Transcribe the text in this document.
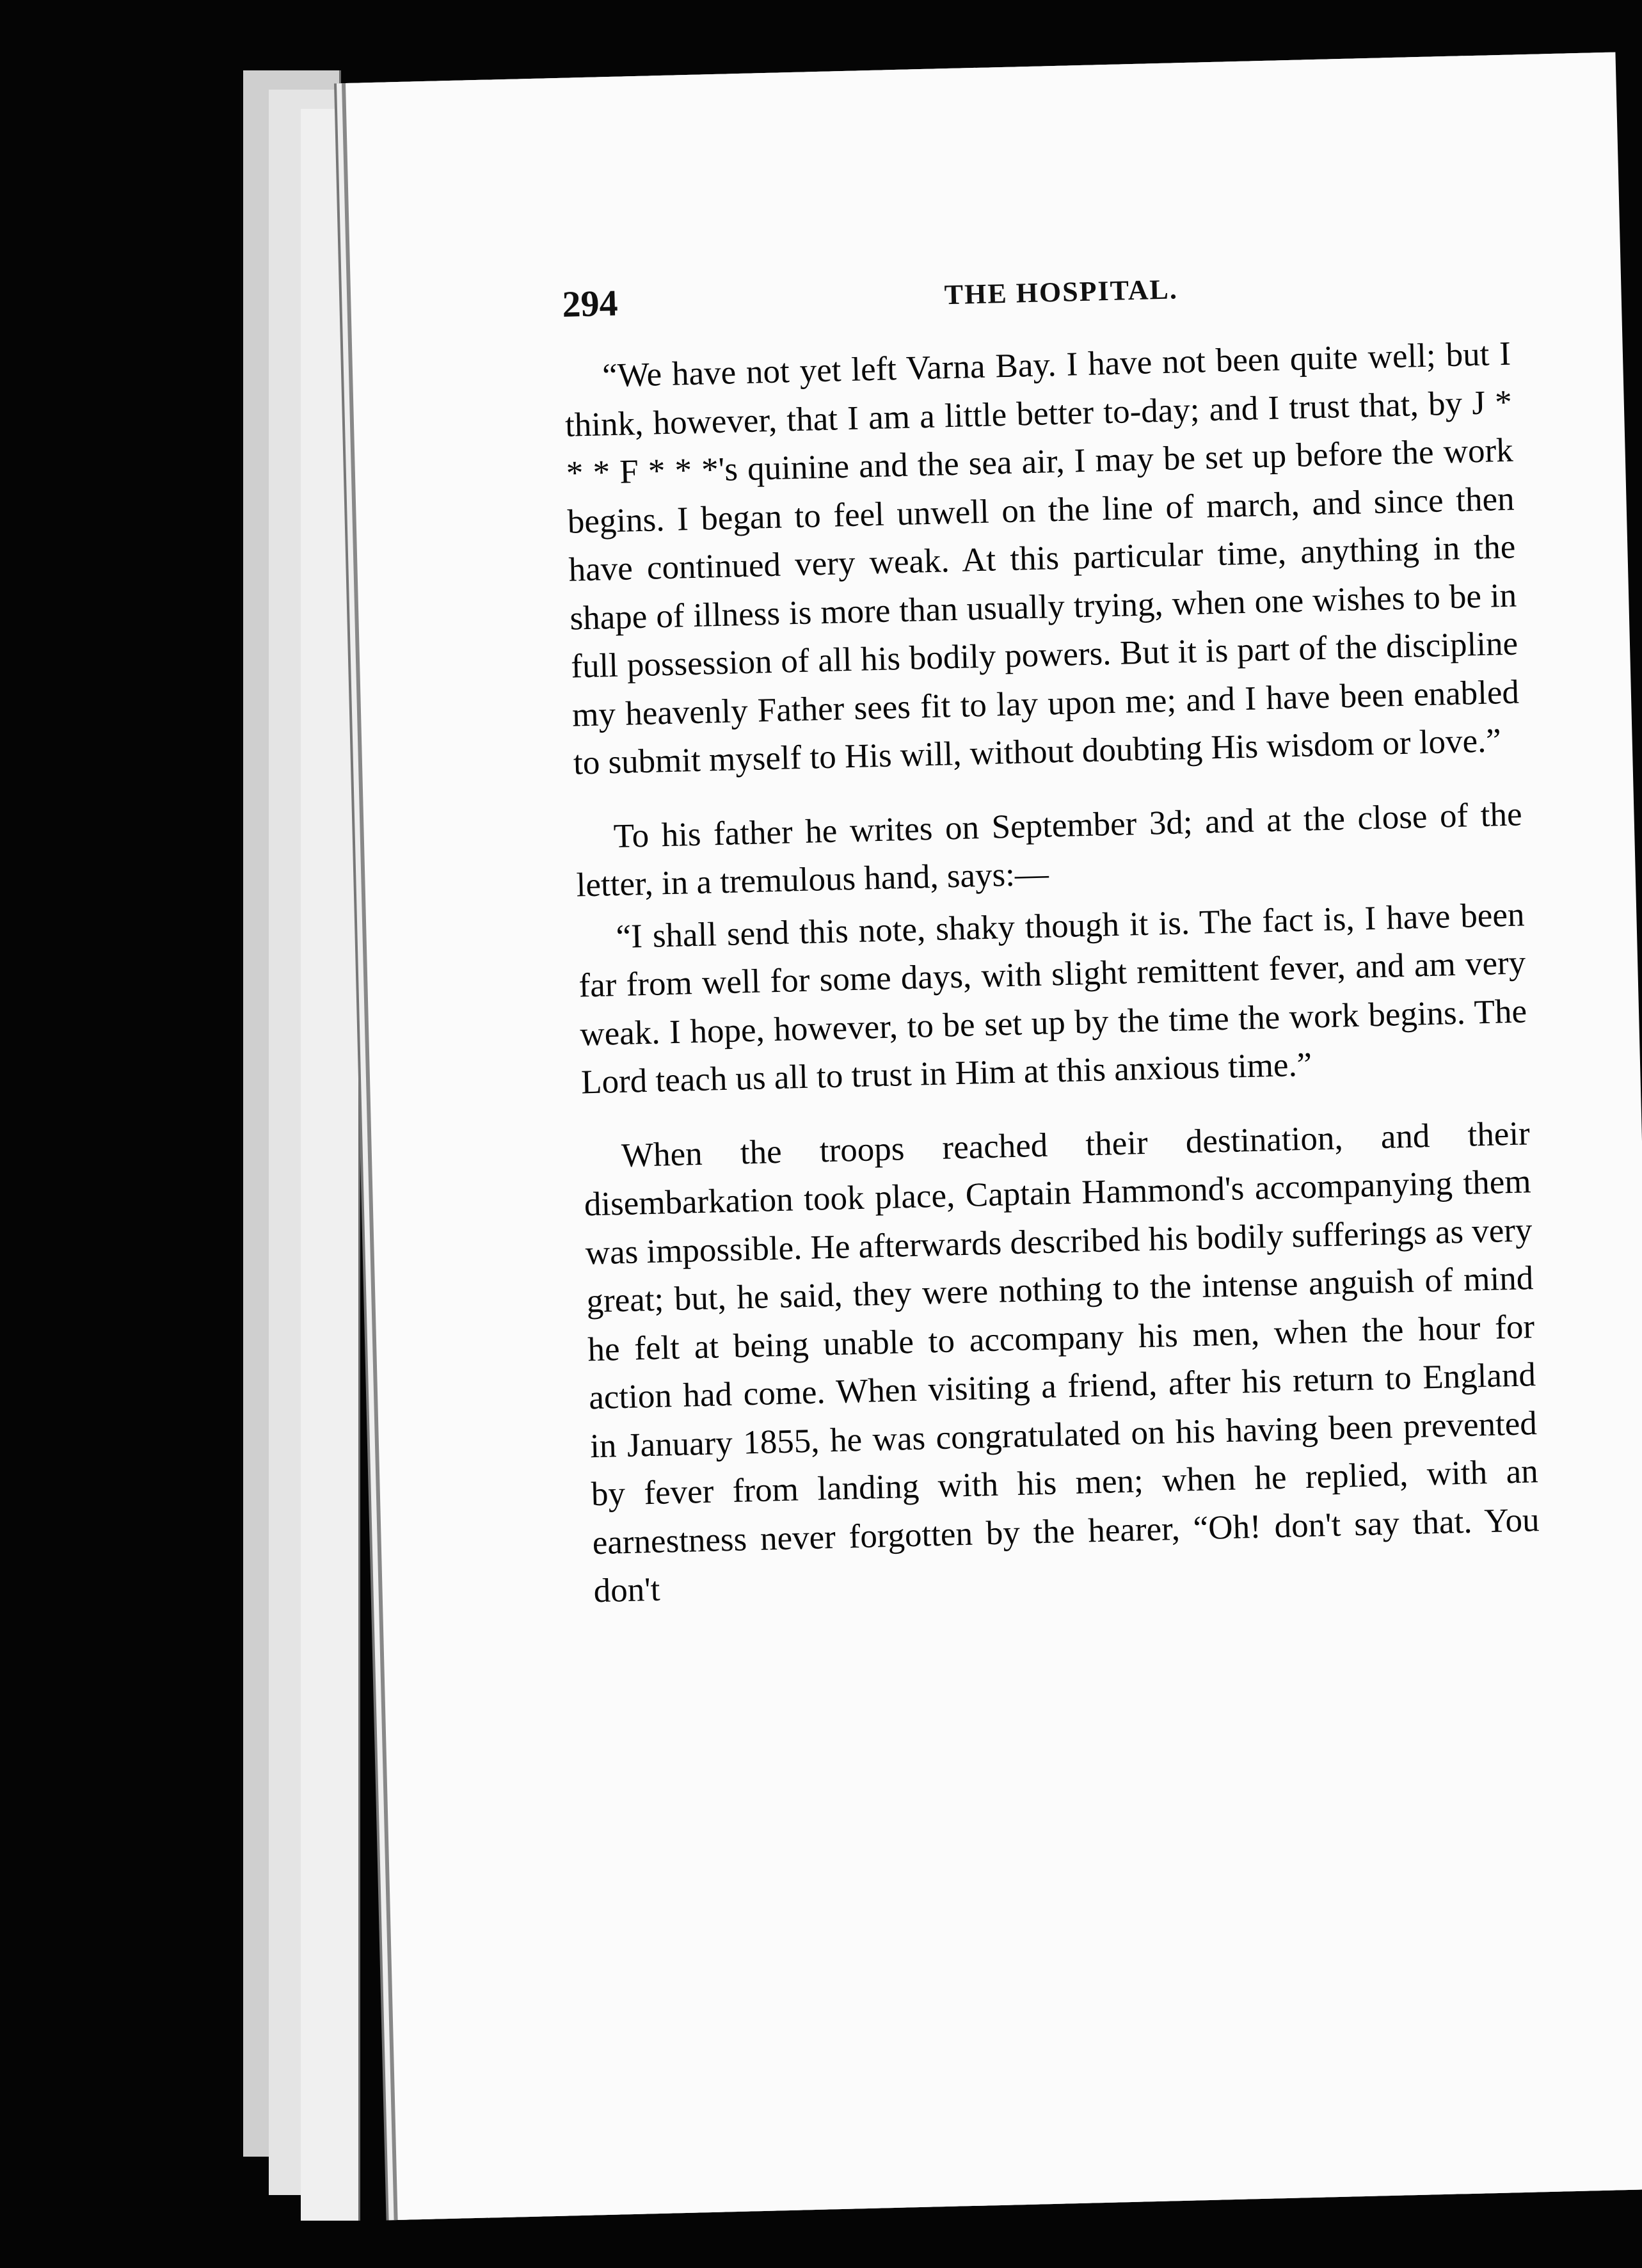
294	THE HOSPITAL.

“We have not yet left Varna Bay. I have not been quite well; but I think, however, that I am a little better to-day; and I trust that, by J * * * F * * *'s quinine and the sea air, I may be set up before the work begins. I began to feel unwell on the line of march, and since then have continued very weak. At this particular time, anything in the shape of illness is more than usually trying, when one wishes to be in full possession of all his bodily powers. But it is part of the discipline my heavenly Father sees fit to lay upon me; and I have been enabled to submit myself to His will, without doubting His wisdom or love.”

To his father he writes on September 3d; and at the close of the letter, in a tremulous hand, says:—

“I shall send this note, shaky though it is. The fact is, I have been far from well for some days, with slight remittent fever, and am very weak. I hope, however, to be set up by the time the work begins. The Lord teach us all to trust in Him at this anxious time.”

When the troops reached their destination, and their disembarkation took place, Captain Hammond's accompanying them was impossible. He afterwards described his bodily sufferings as very great; but, he said, they were nothing to the intense anguish of mind he felt at being unable to accompany his men, when the hour for action had come. When visiting a friend, after his return to England in January 1855, he was congratulated on his having been prevented by fever from landing with his men; when he replied, with an earnestness never forgotten by the hearer, “Oh! don't say that. You don't
